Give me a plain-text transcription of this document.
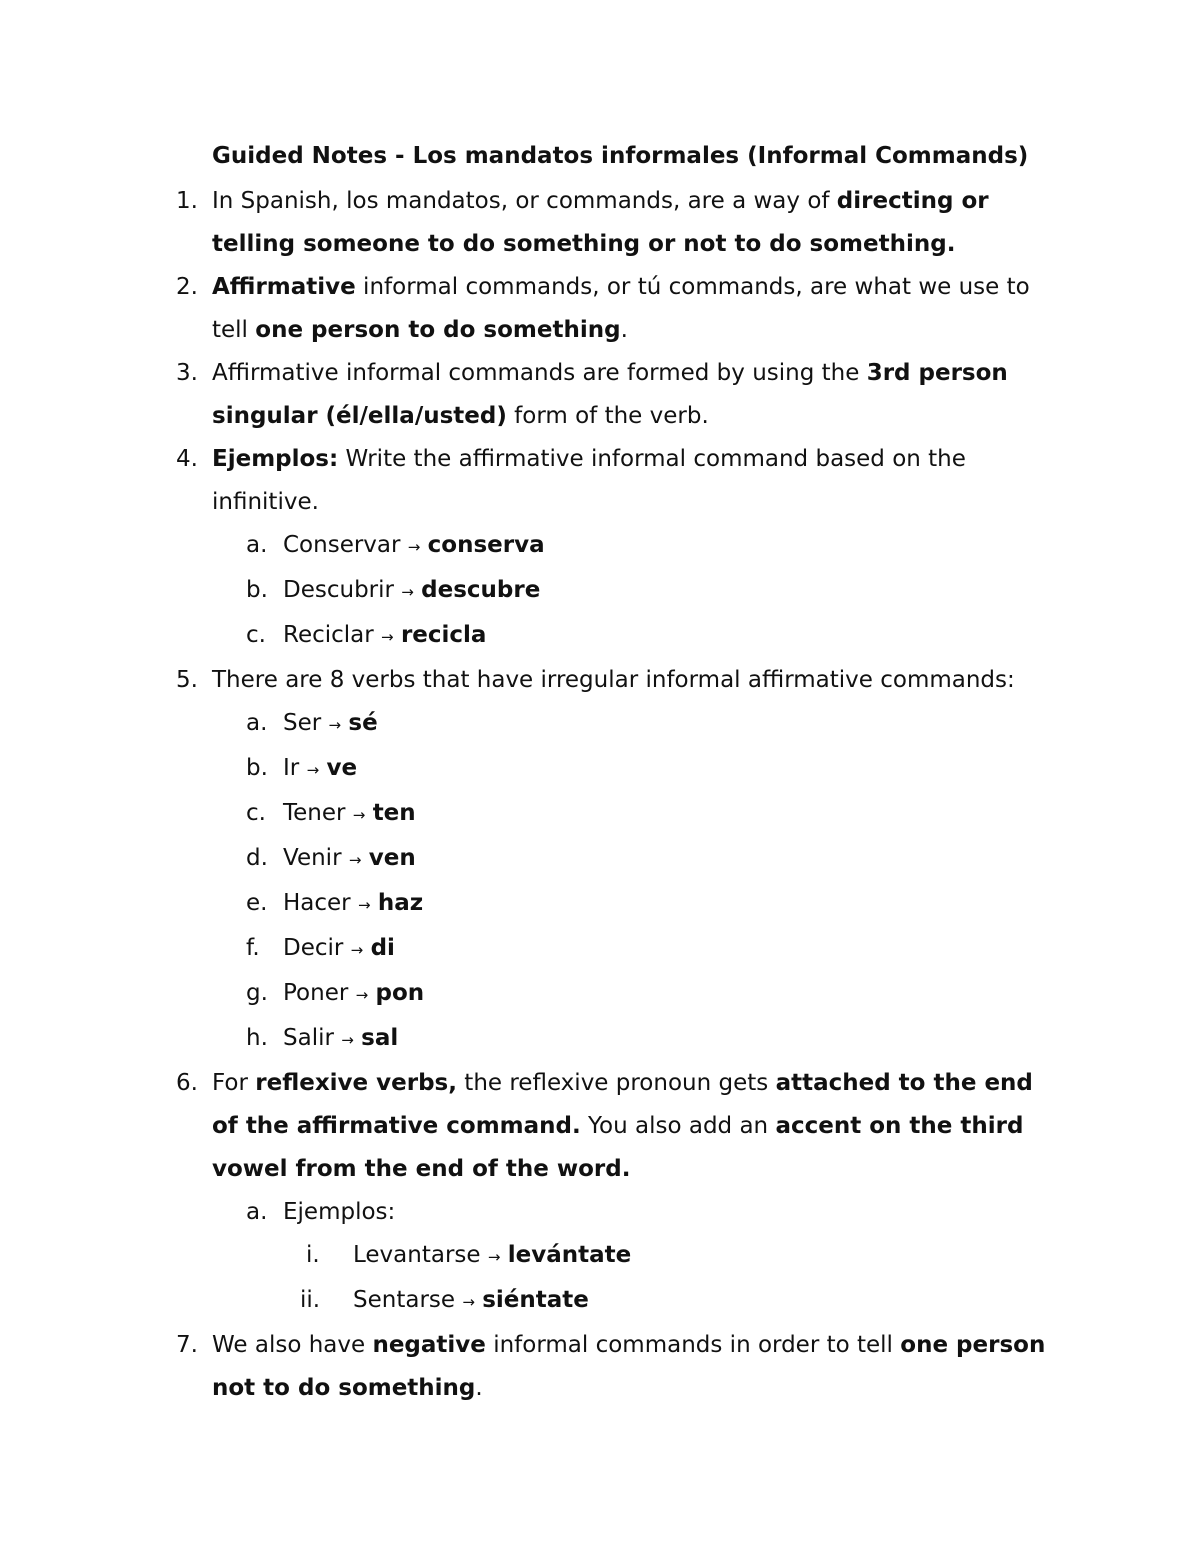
Guided Notes - Los mandatos informales (Informal Commands)
1. In Spanish, los mandatos, or commands, are a way of directing or telling someone to do something or not to do something.
2. Affirmative informal commands, or tú commands, are what we use to tell one person to do something.
3. Affirmative informal commands are formed by using the 3rd person singular (él/ella/usted) form of the verb.
4. Ejemplos: Write the affirmative informal command based on the infinitive.
a. Conservar → conserva
b. Descubrir → descubre
c. Reciclar → recicla
5. There are 8 verbs that have irregular informal affirmative commands:
a. Ser → sé
b. Ir → ve
c. Tener → ten
d. Venir → ven
e. Hacer → haz
f. Decir → di
g. Poner → pon
h. Salir → sal
6. For reflexive verbs, the reflexive pronoun gets attached to the end of the affirmative command. You also add an accent on the third vowel from the end of the word.
a. Ejemplos:
i. Levantarse → levántate
ii. Sentarse → siéntate
7. We also have negative informal commands in order to tell one person not to do something.
